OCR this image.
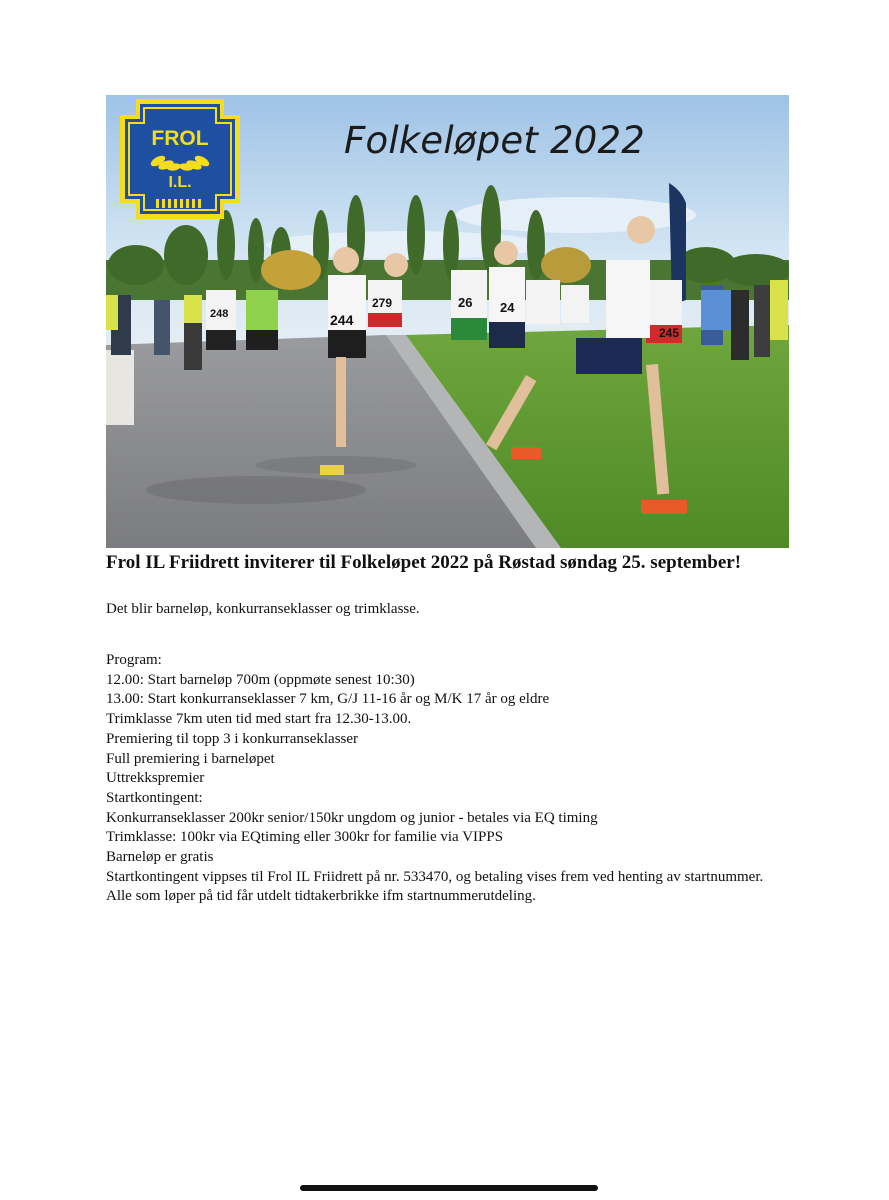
248	244
279	26 24
245
FROL
I.L.
Folkeløpet 2022
Frol IL Friidrett inviterer til Folkeløpet 2022 på Røstad søndag 25. september!

Det blir barneløp, konkurranseklasser og trimklasse.

Program:
12.00: Start barneløp 700m (oppmøte senest 10:30)
13.00: Start konkurranseklasser 7 km, G/J 11-16 år og M/K 17 år og eldre
Trimklasse 7km uten tid med start fra 12.30-13.00.
Premiering til topp 3 i konkurranseklasser
Full premiering i barneløpet
Uttrekkspremier
Startkontingent:
Konkurranseklasser 200kr senior/150kr ungdom og junior - betales via EQ timing
Trimklasse: 100kr via EQtiming eller 300kr for familie via VIPPS
Barneløp er gratis
Startkontingent vippses til Frol IL Friidrett på nr. 533470, og betaling vises frem ved henting av startnummer.
Alle som løper på tid får utdelt tidtakerbrikke ifm startnummerutdeling.
